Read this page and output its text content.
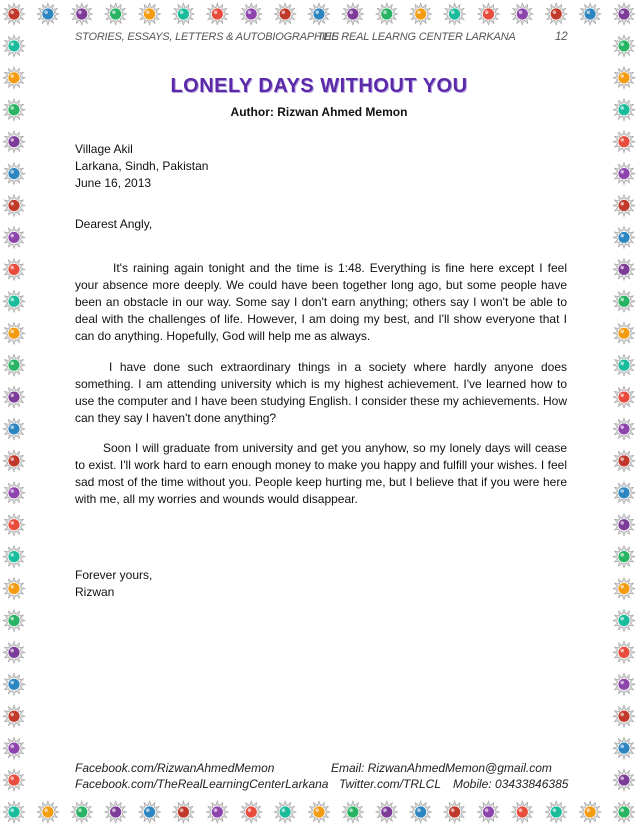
STORIES, ESSAYS, LETTERS & AUTOBIOGRAPHIES
THE REAL LEARNG CENTER LARKANA	12
LONELY DAYS WITHOUT YOU
Author: Rizwan Ahmed Memon
Village Akil
Larkana, Sindh, Pakistan
June 16, 2013
Dearest Angly,
It's raining again tonight and the time is 1:48. Everything is fine here except I feel your absence more deeply. We could have been together long ago, but some people have been an obstacle in our way. Some say I don't earn anything; others say I won't be able to deal with the challenges of life. However, I am doing my best, and I'll show everyone that I can do anything. Hopefully, God will help me as always.
I have done such extraordinary things in a society where hardly anyone does something. I am attending university which is my highest achievement. I've learned how to use the computer and I have been studying English. I consider these my achievements. How can they say I haven't done anything?
Soon I will graduate from university and get you anyhow, so my lonely days will cease to exist. I'll work hard to earn enough money to make you happy and fulfill your wishes. I feel sad most of the time without you. People keep hurting me, but I believe that if you were here with me, all my worries and wounds would disappear.
Forever yours,
Rizwan
Facebook.com/RizwanAhmedMemon	Email: RizwanAhmedMemon@gmail.com
Facebook.com/TheRealLearningCenterLarkana Twitter.com/TRLCL Mobile: 03433846385
